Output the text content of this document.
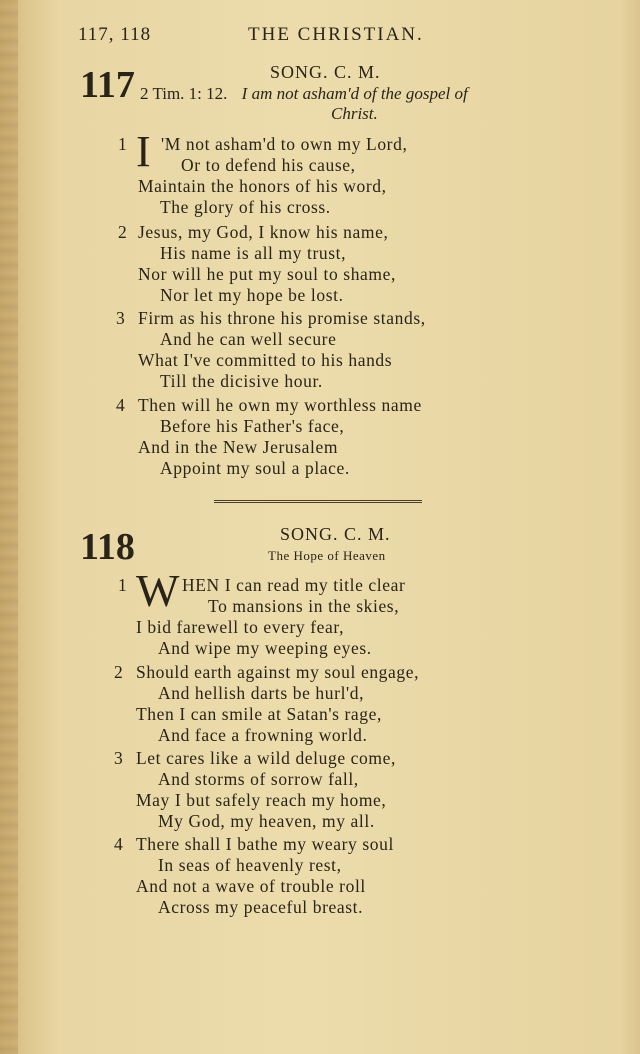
117, 118	THE CHRISTIAN.
117	SONG. C. M.
2 Tim. 1: 12. I am not asham'd of the gospel of
Christ.
1 I 'M not asham'd to own my Lord,
Or to defend his cause,
Maintain the honors of his word,
The glory of his cross.
2 Jesus, my God, I know his name,
His name is all my trust,
Nor will he put my soul to shame,
Nor let my hope be lost.
3 Firm as his throne his promise stands,
And he can well secure
What I've committed to his hands
Till the dicisive hour.
4 Then will he own my worthless name
Before his Father's face,
And in the New Jerusalem
Appoint my soul a place.
118	SONG. C. M.
The Hope of Heaven
1 W HEN I can read my title clear
To mansions in the skies,
I bid farewell to every fear,
And wipe my weeping eyes.
2 Should earth against my soul engage,
And hellish darts be hurl'd,
Then I can smile at Satan's rage,
And face a frowning world.
3 Let cares like a wild deluge come,
And storms of sorrow fall,
May I but safely reach my home,
My God, my heaven, my all.
4 There shall I bathe my weary soul
In seas of heavenly rest,
And not a wave of trouble roll
Across my peaceful breast.
